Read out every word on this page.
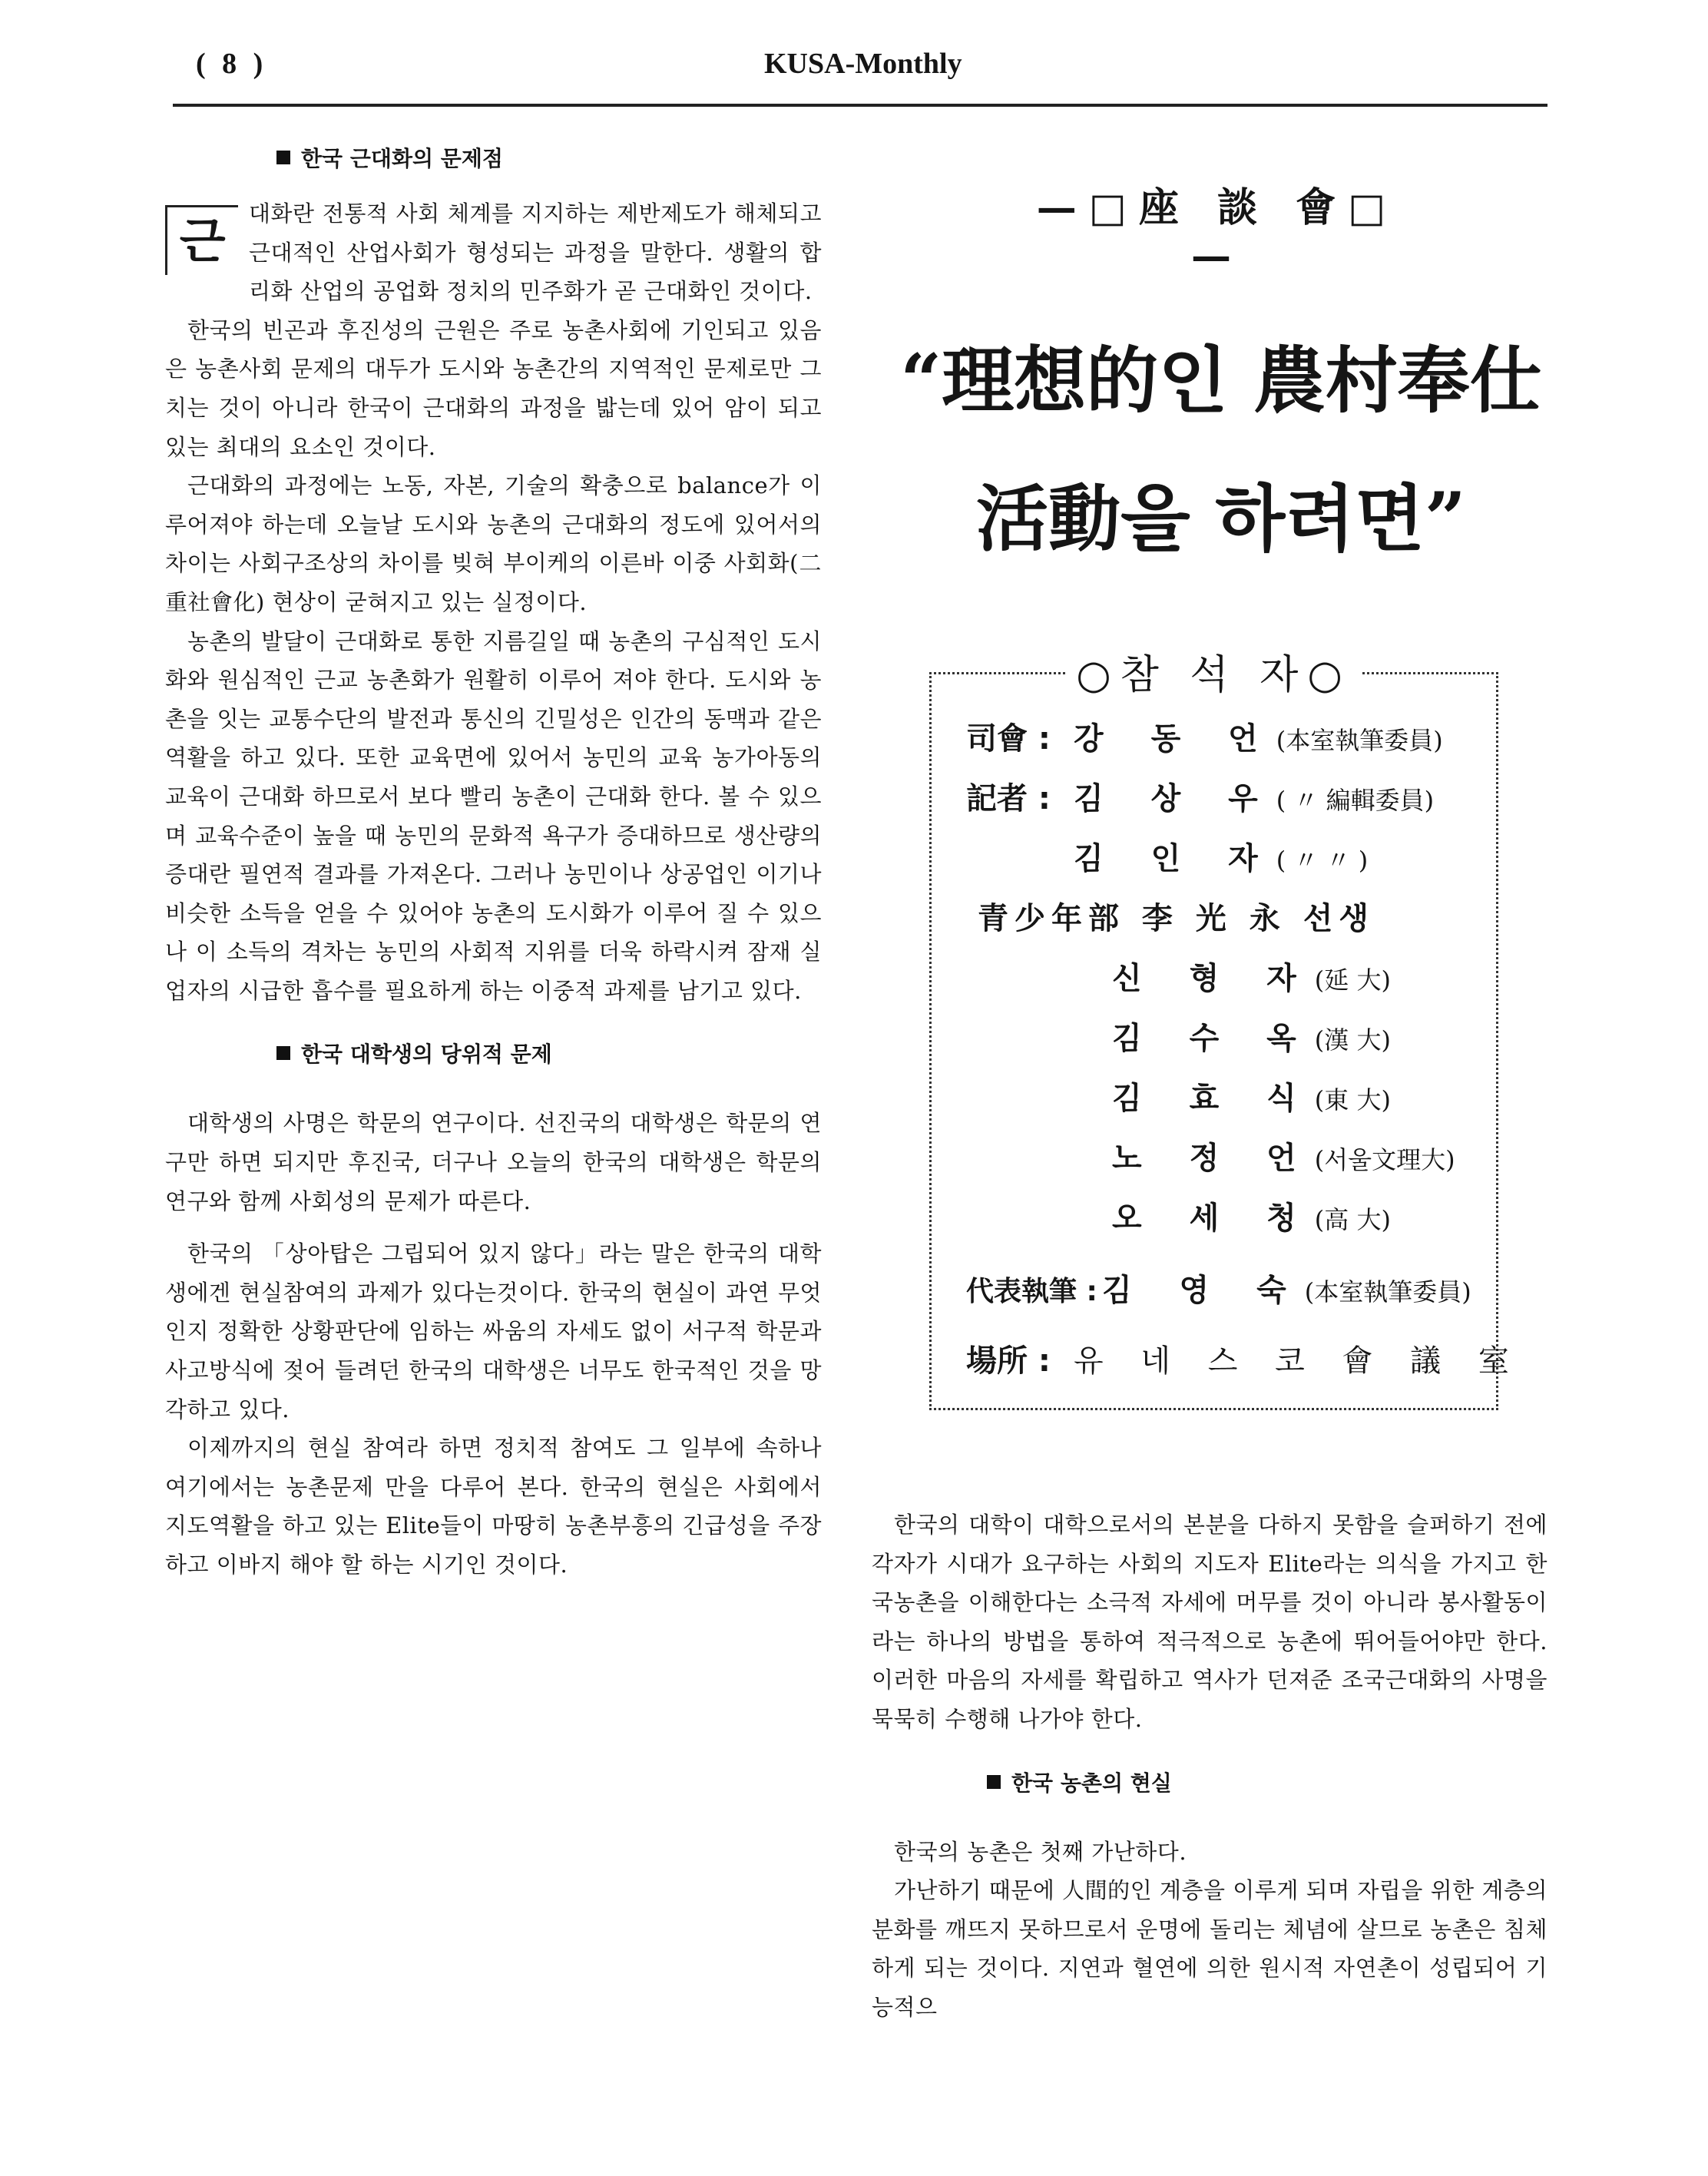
( 8 )	KUSA-Monthly
한국 근대화의 문제점

근	대화란 전통적 사회 체계를 지지하는 제반제도가 해체되고 근대적인 산업사회가 형성되는 과정을 말한다. 생활의 합리화 산업의 공업화 정치의 민주화가 곧 근대화인 것이다.

한국의 빈곤과 후진성의 근원은 주로 농촌사회에 기인되고 있음은 농촌사회 문제의 대두가 도시와 농촌간의 지역적인 문제로만 그치는 것이 아니라 한국이 근대화의 과정을 밟는데 있어 암이 되고 있는 최대의 요소인 것이다.

근대화의 과정에는 노동, 자본, 기술의 확충으로 balance가 이루어져야 하는데 오늘날 도시와 농촌의 근대화의 정도에 있어서의 차이는 사회구조상의 차이를 빚혀 부이케의 이른바 이중 사회화(二重社會化) 현상이 굳혀지고 있는 실정이다.

농촌의 발달이 근대화로 통한 지름길일 때 농촌의 구심적인 도시화와 원심적인 근교 농촌화가 원활히 이루어 져야 한다. 도시와 농촌을 잇는 교통수단의 발전과 통신의 긴밀성은 인간의 동맥과 같은 역활을 하고 있다. 또한 교육면에 있어서 농민의 교육 농가아동의 교육이 근대화 하므로서 보다 빨리 농촌이 근대화 한다. 볼 수 있으며 교육수준이 높을 때 농민의 문화적 욕구가 증대하므로 생산량의 증대란 필연적 결과를 가져온다. 그러나 농민이나 상공업인 이기나 비슷한 소득을 얻을 수 있어야 농촌의 도시화가 이루어 질 수 있으나 이 소득의 격차는 농민의 사회적 지위를 더욱 하락시켜 잠재 실업자의 시급한 흡수를 필요하게 하는 이중적 과제를 남기고 있다.

한국 대학생의 당위적 문제

대학생의 사명은 학문의 연구이다. 선진국의 대학생은 학문의 연구만 하면 되지만 후진국, 더구나 오늘의 한국의 대학생은 학문의 연구와 함께 사회성의 문제가 따른다.

한국의 「상아탑은 그립되어 있지 않다」라는 말은 한국의 대학생에겐 현실참여의 과제가 있다는것이다. 한국의 현실이 과연 무엇인지 정확한 상황판단에 임하는 싸움의 자세도 없이 서구적 학문과 사고방식에 젖어 들려던 한국의 대학생은 너무도 한국적인 것을 망각하고 있다.

이제까지의 현실 참여라 하면 정치적 참여도 그 일부에 속하나 여기에서는 농촌문제 만을 다루어 본다. 한국의 현실은 사회에서 지도역활을 하고 있는 Elite들이 마땅히 농촌부흥의 긴급성을 주장하고 이바지 해야 할 하는 시기인 것이다.

—□座 談 會□—
“理想的인 農村奉仕
活動을 하려면”
○참 석 자○
司會 : 강 동 언(本室執筆委員)
記者 : 김 상 우( 〃 編輯委員)
김 인 자( 〃 〃 )
青少年部 李 光 永 선생
신 형 자(延 大)
김 수 옥(漢 大)
김 효 식(東 大)
노 정 언(서울文理大)
오 세 청(高 大)
代表執筆 : 김 영 숙(本室執筆委員)
場所 : 유 네 스 코 會 議 室

한국의 대학이 대학으로서의 본분을 다하지 못함을 슬퍼하기 전에 각자가 시대가 요구하는 사회의 지도자 Elite라는 의식을 가지고 한국농촌을 이해한다는 소극적 자세에 머무를 것이 아니라 봉사활동이라는 하나의 방법을 통하여 적극적으로 농촌에 뛰어들어야만 한다. 이러한 마음의 자세를 확립하고 역사가 던져준 조국근대화의 사명을 묵묵히 수행해 나가야 한다.

한국 농촌의 현실

한국의 농촌은 첫째 가난하다.

가난하기 때문에 人間的인 계층을 이루게 되며 자립을 위한 계층의 분화를 깨뜨지 못하므로서 운명에 돌리는 체념에 살므로 농촌은 침체하게 되는 것이다. 지연과 혈연에 의한 원시적 자연촌이 성립되어 기능적으
